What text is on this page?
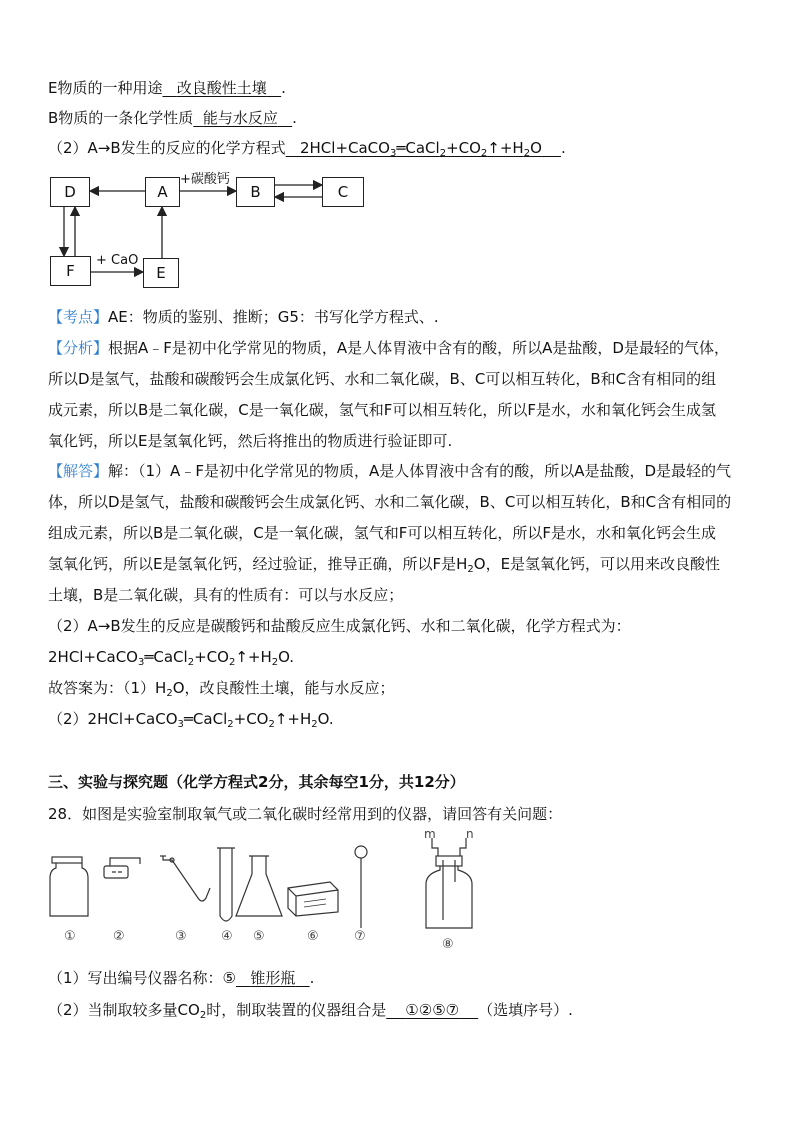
E物质的一种用途 改良酸性土壤 .
B物质的一条化学性质 能与水反应 .
（2）A→B发生的反应的化学方程式 $2HCl+CaCO_3═CaCl_2+CO_2↑+H_2O$ .
D	A	B	C
F	E
+碳酸钙
+ CaO
【考点】AE：物质的鉴别、推断；G5：书写化学方程式、.
【分析】根据A﹣F是初中化学常见的物质，A是人体胃液中含有的酸，所以A是盐酸，D是最轻的气体，
所以D是氢气，盐酸和碳酸钙会生成氯化钙、水和二氧化碳，B、C可以相互转化，B和C含有相同的组
成元素，所以B是二氧化碳，C是一氧化碳，氢气和F可以相互转化，所以F是水，水和氧化钙会生成氢
氧化钙，所以E是氢氧化钙，然后将推出的物质进行验证即可.
【解答】解：（1）A﹣F是初中化学常见的物质，A是人体胃液中含有的酸，所以A是盐酸，D是最轻的气
体，所以D是氢气，盐酸和碳酸钙会生成氯化钙、水和二氧化碳，B、C可以相互转化，B和C含有相同的
组成元素，所以B是二氧化碳，C是一氧化碳，氢气和F可以相互转化，所以F是水，水和氧化钙会生成
氢氧化钙，所以E是氢氧化钙，经过验证，推导正确，所以F是$H_2O$，E是氢氧化钙，可以用来改良酸性
土壤，B是二氧化碳，具有的性质有：可以与水反应；
（2）A→B发生的反应是碳酸钙和盐酸反应生成氯化钙、水和二氧化碳，化学方程式为：
$2HCl+CaCO_3═CaCl_2+CO_2↑+H_2O$.
故答案为：$(1)H_2O$，改良酸性土壤，能与水反应；
$(2)2HCl+CaCO_3═CaCl_2+CO_2↑+H_2O$.
三、实验与探究题（化学方程式2分，其余每空1分，共12分）
28．如图是实验室制取氧气或二氧化碳时经常用到的仪器，请回答有关问题：
m	n
①	②	③	④ ⑤	⑥	⑦
⑧
（1）写出编号仪器名称：⑤ 锥形瓶 .
（2）当制取较多量$CO_2$时，制取装置的仪器组合是 ①②⑤⑦ （选填序号）.
